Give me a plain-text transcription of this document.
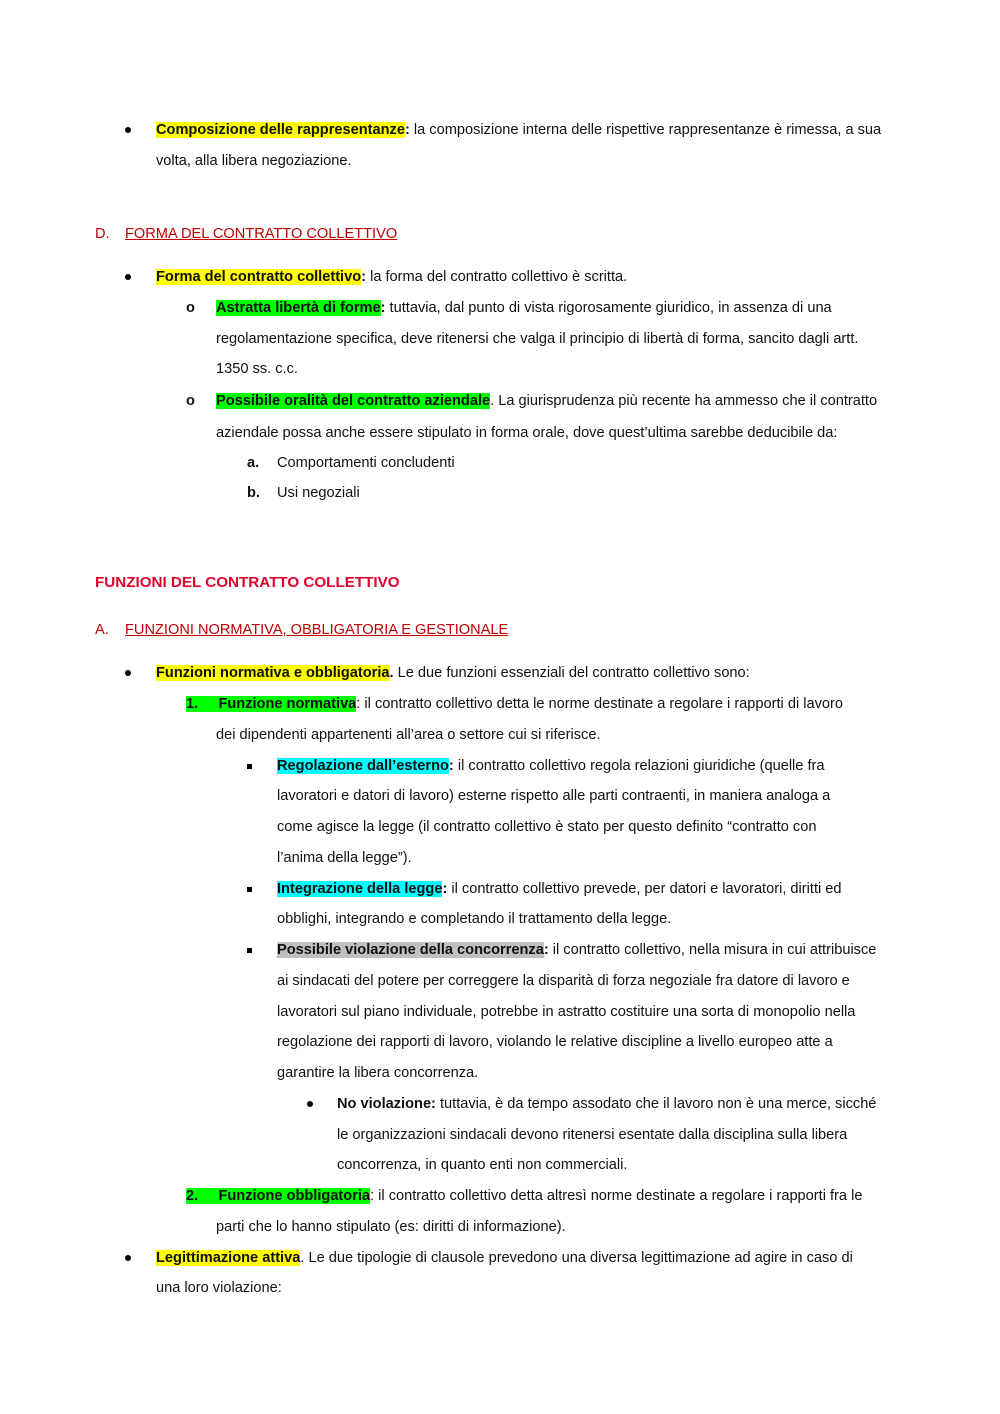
Composizione delle rappresentanze: la composizione interna delle rispettive rappresentanze è rimessa, a sua
volta, alla libera negoziazione.
D. FORMA DEL CONTRATTO COLLETTIVO
Forma del contratto collettivo: la forma del contratto collettivo è scritta.
o Astratta libertà di forme: tuttavia, dal punto di vista rigorosamente giuridico, in assenza di una
regolamentazione specifica, deve ritenersi che valga il principio di libertà di forma, sancito dagli artt.
1350 ss. c.c.
o Possibile oralità del contratto aziendale. La giurisprudenza più recente ha ammesso che il contratto
aziendale possa anche essere stipulato in forma orale, dove quest’ultima sarebbe deducibile da:
a. Comportamenti concludenti
b. Usi negoziali
FUNZIONI DEL CONTRATTO COLLETTIVO
A. FUNZIONI NORMATIVA, OBBLIGATORIA E GESTIONALE
Funzioni normativa e obbligatoria. Le due funzioni essenziali del contratto collettivo sono:
1.     Funzione normativa: il contratto collettivo detta le norme destinate a regolare i rapporti di lavoro
dei dipendenti appartenenti all’area o settore cui si riferisce.
Regolazione dall’esterno: il contratto collettivo regola relazioni giuridiche (quelle fra
lavoratori e datori di lavoro) esterne rispetto alle parti contraenti, in maniera analoga a
come agisce la legge (il contratto collettivo è stato per questo definito “contratto con
l’anima della legge”).
Integrazione della legge: il contratto collettivo prevede, per datori e lavoratori, diritti ed
obblighi, integrando e completando il trattamento della legge.
Possibile violazione della concorrenza: il contratto collettivo, nella misura in cui attribuisce
ai sindacati del potere per correggere la disparità di forza negoziale fra datore di lavoro e
lavoratori sul piano individuale, potrebbe in astratto costituire una sorta di monopolio nella
regolazione dei rapporti di lavoro, violando le relative discipline a livello europeo atte a
garantire la libera concorrenza.
No violazione: tuttavia, è da tempo assodato che il lavoro non è una merce, sicché
le organizzazioni sindacali devono ritenersi esentate dalla disciplina sulla libera
concorrenza, in quanto enti non commerciali.
2.     Funzione obbligatoria: il contratto collettivo detta altresì norme destinate a regolare i rapporti fra le
parti che lo hanno stipulato (es: diritti di informazione).
Legittimazione attiva. Le due tipologie di clausole prevedono una diversa legittimazione ad agire in caso di
una loro violazione:
